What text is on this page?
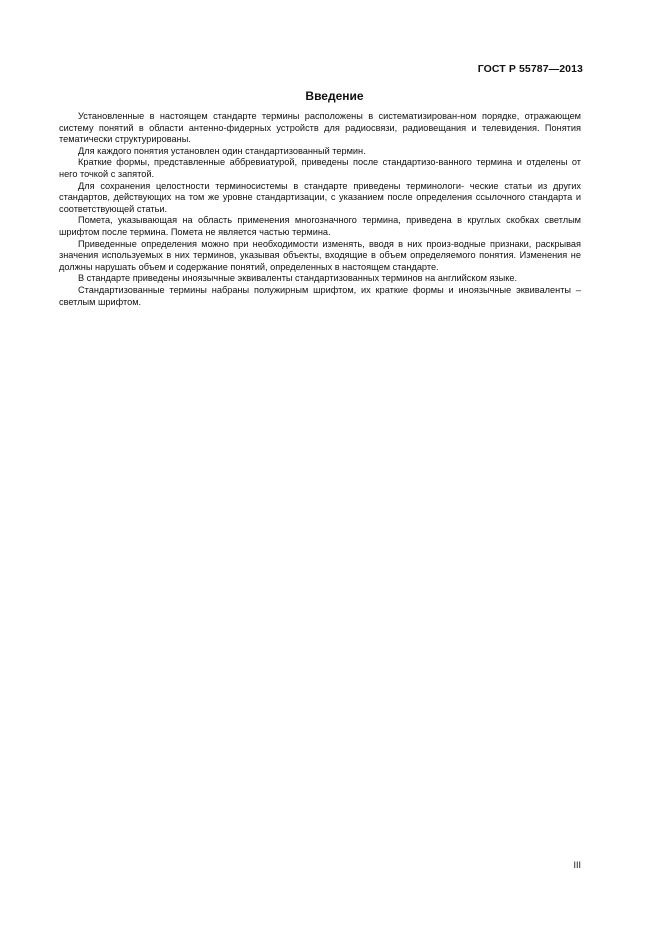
ГОСТ Р 55787—2013
Введение

Установленные в настоящем стандарте термины расположены в систематизирован-ном порядке, отражающем систему понятий в области антенно-фидерных устройств для радиосвязи, радиовещания и телевидения. Понятия тематически структурированы.

Для каждого понятия установлен один стандартизованный термин.

Краткие формы, представленные аббревиатурой, приведены после стандартизо-ванного термина и отделены от него точкой с запятой.

Для сохранения целостности терминосистемы в стандарте приведены терминологи- ческие статьи из других стандартов, действующих на том же уровне стандартизации, с указанием после определения ссылочного стандарта и соответствующей статьи.

Помета, указывающая на область применения многозначного термина, приведена в круглых скобках светлым шрифтом после термина. Помета не является частью термина.

Приведенные определения можно при необходимости изменять, вводя в них произ-водные признаки, раскрывая значения используемых в них терминов, указывая объекты, входящие в объем определяемого понятия. Изменения не должны нарушать объем и содержание понятий, определенных в настоящем стандарте.

В стандарте приведены иноязычные эквиваленты стандартизованных терминов на английском языке.

Стандартизованные термины набраны полужирным шрифтом, их краткие формы и иноязычные эквиваленты – светлым шрифтом.

III
